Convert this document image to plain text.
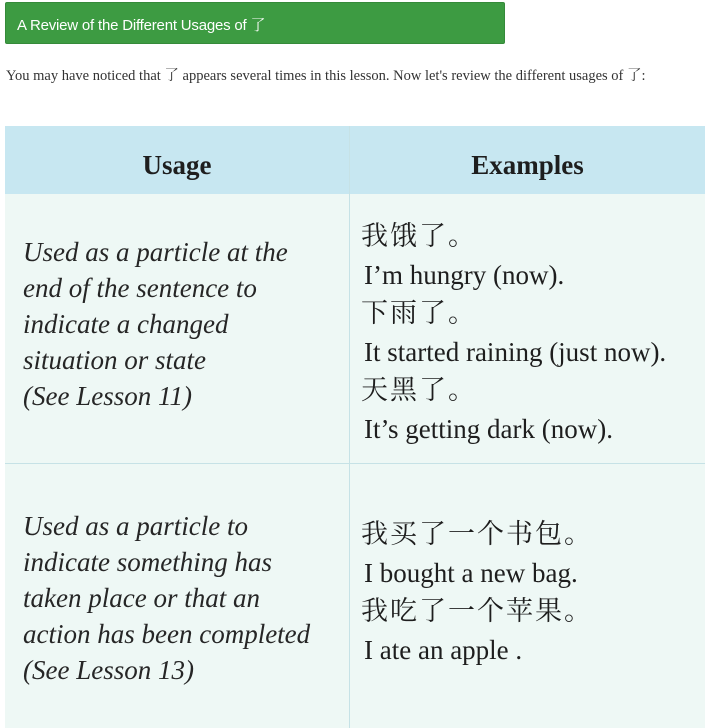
A Review of the Different Usages of 了
You may have noticed that 了 appears several times in this lesson. Now let's review the different usages of 了:
Usage	Examples
Used as a particle at the
end of the sentence to
indicate a changed
situation or state
(See Lesson 11)
我饿了。
I’m hungry (now).
下雨了。
It started raining (just now).
天黑了。
It’s getting dark (now).
Used as a particle to
indicate something has
taken place or that an
action has been completed
(See Lesson 13)
我买了一个书包。
I bought a new bag.
我吃了一个苹果。
I ate an apple .
